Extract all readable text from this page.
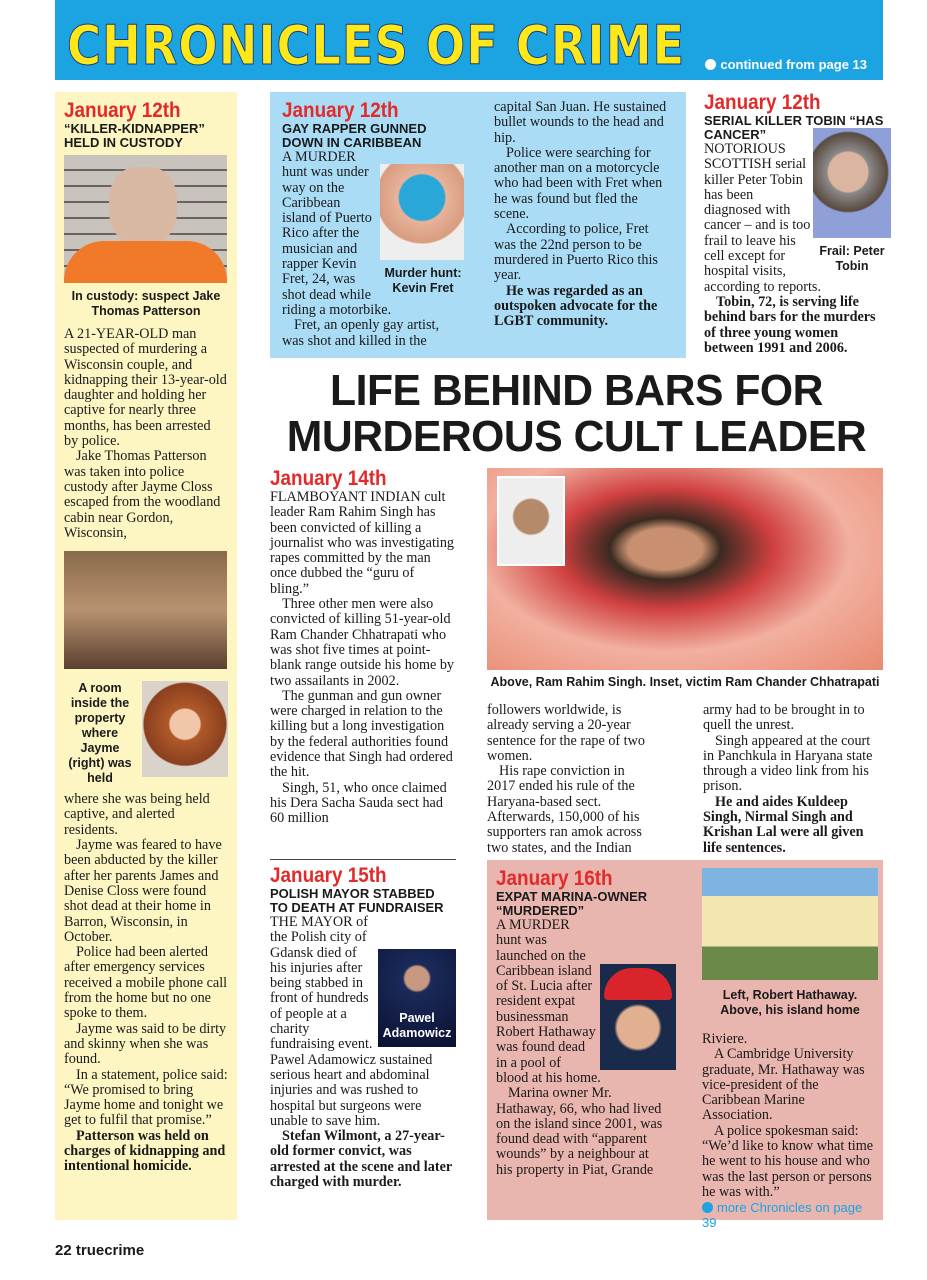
CHRONICLES OF CRIME	continued from page 13
January 12th
“KILLER-KIDNAPPER” HELD IN CUSTODY
In custody: suspect Jake Thomas Patterson

A 21-YEAR-OLD man suspected of murdering a Wisconsin couple, and kidnapping their 13-year-old daughter and holding her captive for nearly three months, has been arrested by police.

Jake Thomas Patterson was taken into police custody after Jayme Closs escaped from the woodland cabin near Gordon, Wisconsin,

A room inside the property where Jayme (right) was held

where she was being held captive, and alerted residents.

Jayme was feared to have been abducted by the killer after her parents James and Denise Closs were found shot dead at their home in Barron, Wisconsin, in October.

Police had been alerted after emergency services received a mobile phone call from the home but no one spoke to them.

Jayme was said to be dirty and skinny when she was found.

In a statement, police said: “We promised to bring Jayme home and tonight we get to fulfil that promise.”

Patterson was held on charges of kidnapping and intentional homicide.

January 12th
GAY RAPPER GUNNED DOWN IN CARIBBEAN
Murder hunt: Kevin Fret

A MURDER hunt was under way on the Caribbean island of Puerto Rico after the musician and rapper Kevin Fret, 24, was shot dead while riding a motorbike.

Fret, an openly gay artist, was shot and killed in the capital San Juan. He sustained bullet wounds to the head and hip.

Police were searching for another man on a motorcycle who had been with Fret when he was found but fled the scene.

According to police, Fret was the 22nd person to be murdered in Puerto Rico this year.

He was regarded as an outspoken advocate for the LGBT community.

January 12th
SERIAL KILLER TOBIN “HAS CANCER”
Frail: Peter Tobin

NOTORIOUS SCOTTISH serial killer Peter Tobin has been diagnosed with cancer – and is too frail to leave his cell except for hospital visits, according to reports.

Tobin, 72, is serving life behind bars for the murders of three young women between 1991 and 2006.

LIFE BEHIND BARS FOR MURDEROUS CULT LEADER
January 14th

FLAMBOYANT INDIAN cult leader Ram Rahim Singh has been convicted of killing a journalist who was investigating rapes committed by the man once dubbed the “guru of bling.”

Three other men were also convicted of killing 51-year-old Ram Chander Chhatrapati who was shot five times at point-blank range outside his home by two assailants in 2002.

The gunman and gun owner were charged in relation to the killing but a long investigation by the federal authorities found evidence that Singh had ordered the hit.

Singh, 51, who once claimed his Dera Sacha Sauda sect had 60 million

Above, Ram Rahim Singh. Inset, victim Ram Chander Chhatrapati

followers worldwide, is already serving a 20-year sentence for the rape of two women.

His rape conviction in 2017 ended his rule of the Haryana-based sect. Afterwards, 150,000 of his supporters ran amok across two states, and the Indian

army had to be brought in to quell the unrest.

Singh appeared at the court in Panchkula in Haryana state through a video link from his prison.

He and aides Kuldeep Singh, Nirmal Singh and Krishan Lal were all given life sentences.

January 15th
POLISH MAYOR STABBED TO DEATH AT FUNDRAISER
Pawel Adamowicz

THE MAYOR of the Polish city of Gdansk died of his injuries after being stabbed in front of hundreds of people at a charity fundraising event. Pawel Adamowicz sustained serious heart and abdominal injuries and was rushed to hospital but surgeons were unable to save him.

Stefan Wilmont, a 27-year-old former convict, was arrested at the scene and later charged with murder.

January 16th
EXPAT MARINA-OWNER “MURDERED”

A MURDER hunt was launched on the Caribbean island of St. Lucia after resident expat businessman Robert Hathaway was found dead in a pool of blood at his home.

Marina owner Mr. Hathaway, 66, who had lived on the island since 2001, was found dead with “apparent wounds” by a neighbour at his property in Piat, Grande

Left, Robert Hathaway. Above, his island home

Riviere.

A Cambridge University graduate, Mr. Hathaway was vice-president of the Caribbean Marine Association.

A police spokesman said: “We’d like to know what time he went to his house and who was the last person or persons he was with.”

more Chronicles on page 39
22 truecrime
